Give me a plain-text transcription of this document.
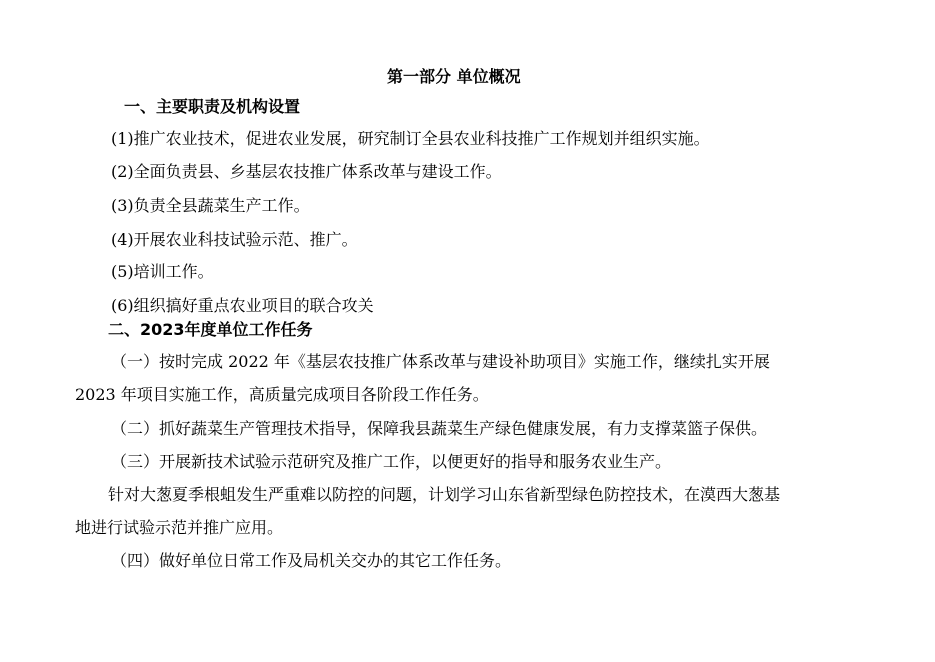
第一部分 单位概况
一、主要职责及机构设置
(1)推广农业技术，促进农业发展，研究制订全县农业科技推广工作规划并组织实施。
(2)全面负责县、乡基层农技推广体系改革与建设工作。
(3)负责全县蔬菜生产工作。
(4)开展农业科技试验示范、推广。
(5)培训工作。
(6)组织搞好重点农业项目的联合攻关
二、2023年度单位工作任务
（一）按时完成 2022 年《基层农技推广体系改革与建设补助项目》实施工作，继续扎实开展
2023 年项目实施工作，高质量完成项目各阶段工作任务。
（二）抓好蔬菜生产管理技术指导，保障我县蔬菜生产绿色健康发展，有力支撑菜篮子保供。
（三）开展新技术试验示范研究及推广工作，以便更好的指导和服务农业生产。
针对大葱夏季根蛆发生严重难以防控的问题，计划学习山东省新型绿色防控技术，在漠西大葱基
地进行试验示范并推广应用。
（四）做好单位日常工作及局机关交办的其它工作任务。
